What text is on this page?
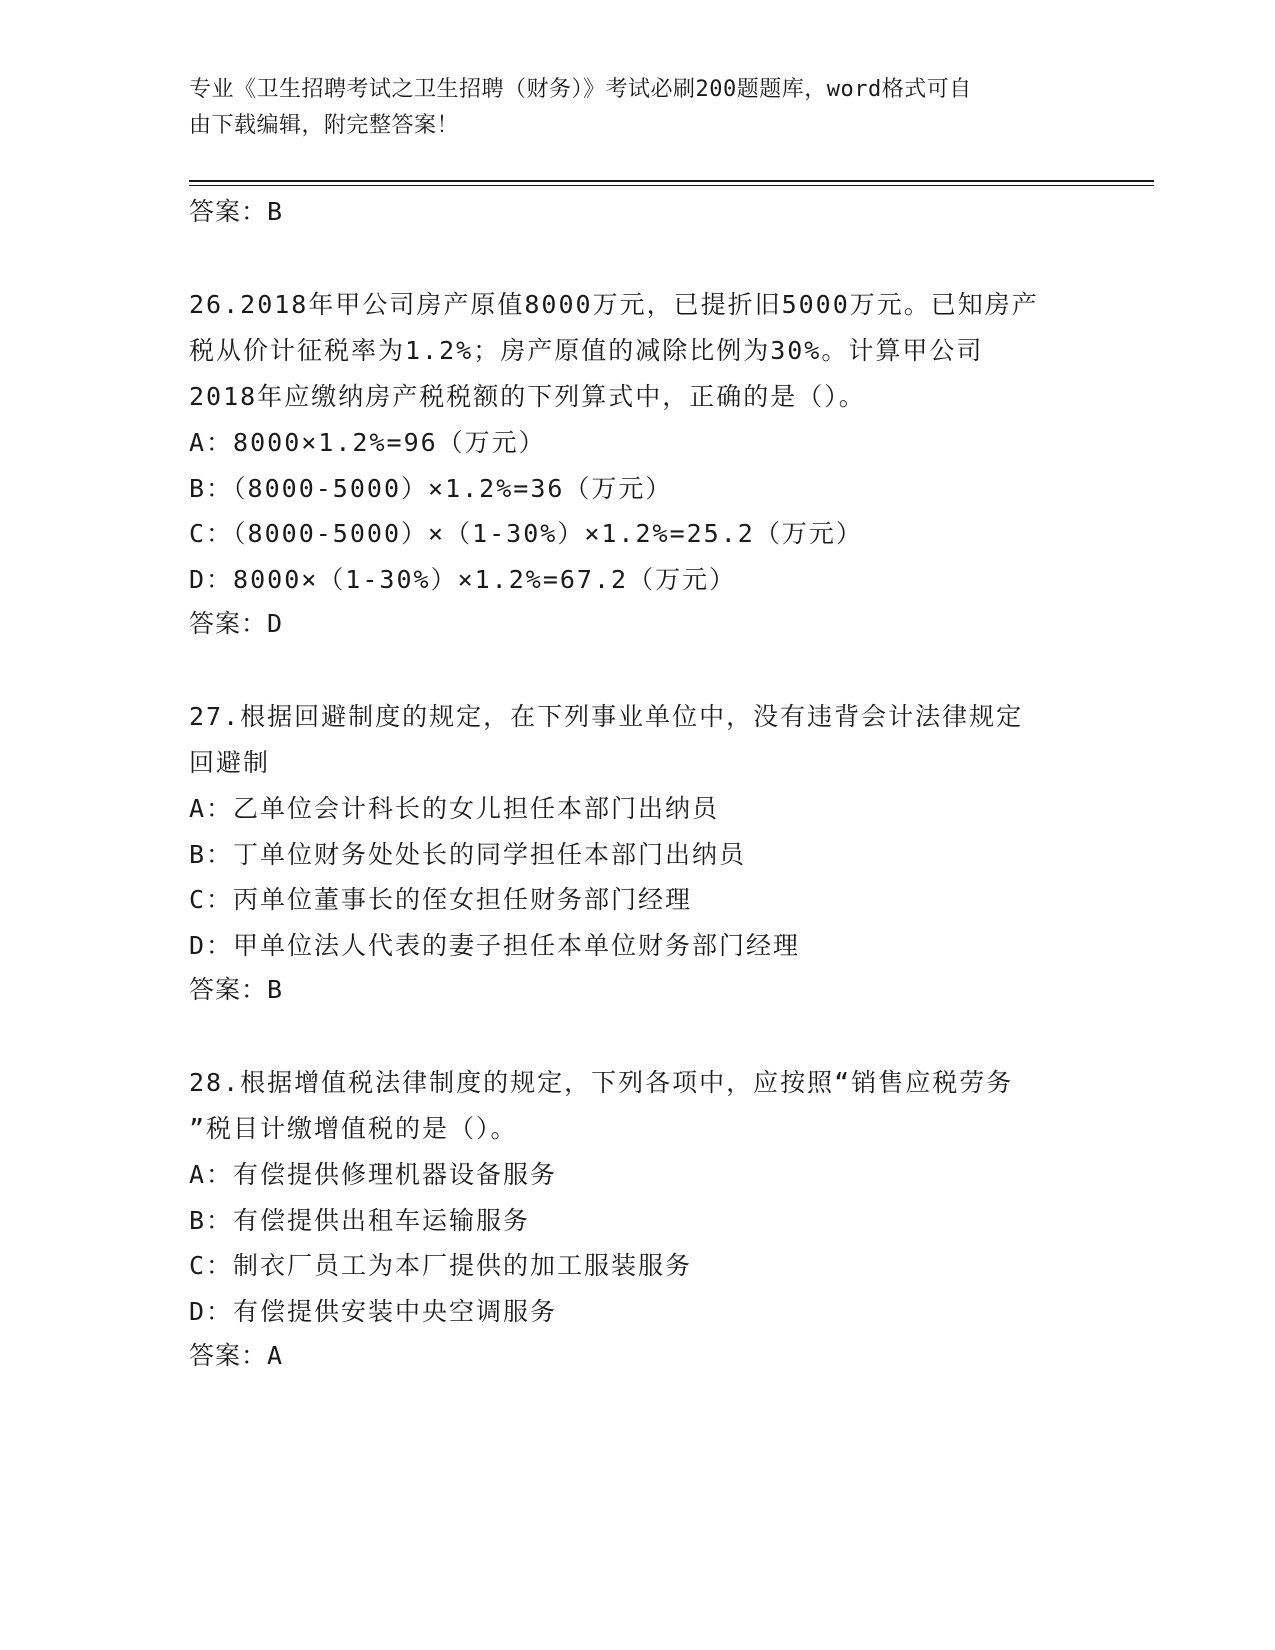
专业《卫生招聘考试之卫生招聘（财务）》考试必刷200题题库，word格式可自
由下载编辑，附完整答案！
答案：B
26.2018年甲公司房产原值8000万元，已提折旧5000万元。已知房产
税从价计征税率为1.2%；房产原值的减除比例为30%。计算甲公司
2018年应缴纳房产税税额的下列算式中，正确的是（）。
A：8000×1.2%=96（万元）
B：（8000-5000）×1.2%=36（万元）
C：（8000-5000）×（1-30%）×1.2%=25.2（万元）
D：8000×（1-30%）×1.2%=67.2（万元）
答案：D
27.根据回避制度的规定，在下列事业单位中，没有违背会计法律规定
回避制
A：乙单位会计科长的女儿担任本部门出纳员
B：丁单位财务处处长的同学担任本部门出纳员
C：丙单位董事长的侄女担任财务部门经理
D：甲单位法人代表的妻子担任本单位财务部门经理
答案：B
28.根据增值税法律制度的规定，下列各项中，应按照“销售应税劳务
”税目计缴增值税的是（）。
A：有偿提供修理机器设备服务
B：有偿提供出租车运输服务
C：制衣厂员工为本厂提供的加工服装服务
D：有偿提供安装中央空调服务
答案：A
